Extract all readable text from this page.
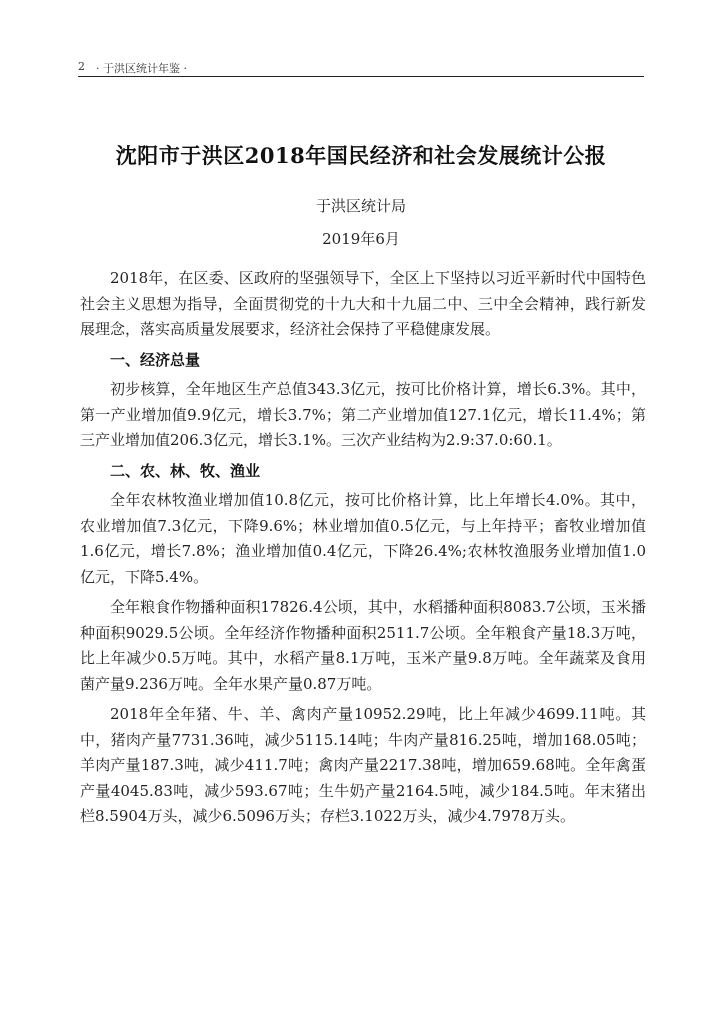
2 · 于洪区统计年鉴 ·
沈阳市于洪区2018年国民经济和社会发展统计公报
于洪区统计局
2019年6月

2018年，在区委、区政府的坚强领导下，全区上下坚持以习近平新时代中国特色社会主义思想为指导，全面贯彻党的十九大和十九届二中、三中全会精神，践行新发展理念，落实高质量发展要求，经济社会保持了平稳健康发展。

一、经济总量

初步核算，全年地区生产总值343.3亿元，按可比价格计算，增长6.3%。其中，第一产业增加值9.9亿元，增长3.7%；第二产业增加值127.1亿元，增长11.4%；第三产业增加值206.3亿元，增长3.1%。三次产业结构为2.9:37.0:60.1。

二、农、林、牧、渔业

全年农林牧渔业增加值10.8亿元，按可比价格计算，比上年增长4.0%。其中，农业增加值7.3亿元，下降9.6%；林业增加值0.5亿元，与上年持平；畜牧业增加值1.6亿元，增长7.8%；渔业增加值0.4亿元，下降26.4%;农林牧渔服务业增加值1.0亿元，下降5.4%。

全年粮食作物播种面积17826.4公顷，其中，水稻播种面积8083.7公顷，玉米播种面积9029.5公顷。全年经济作物播种面积2511.7公顷。全年粮食产量18.3万吨，比上年减少0.5万吨。其中，水稻产量8.1万吨，玉米产量9.8万吨。全年蔬菜及食用菌产量9.236万吨。全年水果产量0.87万吨。

2018年全年猪、牛、羊、禽肉产量10952.29吨，比上年减少4699.11吨。其中，猪肉产量7731.36吨，减少5115.14吨；牛肉产量816.25吨，增加168.05吨；羊肉产量187.3吨，减少411.7吨；禽肉产量2217.38吨，增加659.68吨。全年禽蛋产量4045.83吨，减少593.67吨；生牛奶产量2164.5吨，减少184.5吨。年末猪出栏8.5904万头，减少6.5096万头；存栏3.1022万头，减少4.7978万头。
